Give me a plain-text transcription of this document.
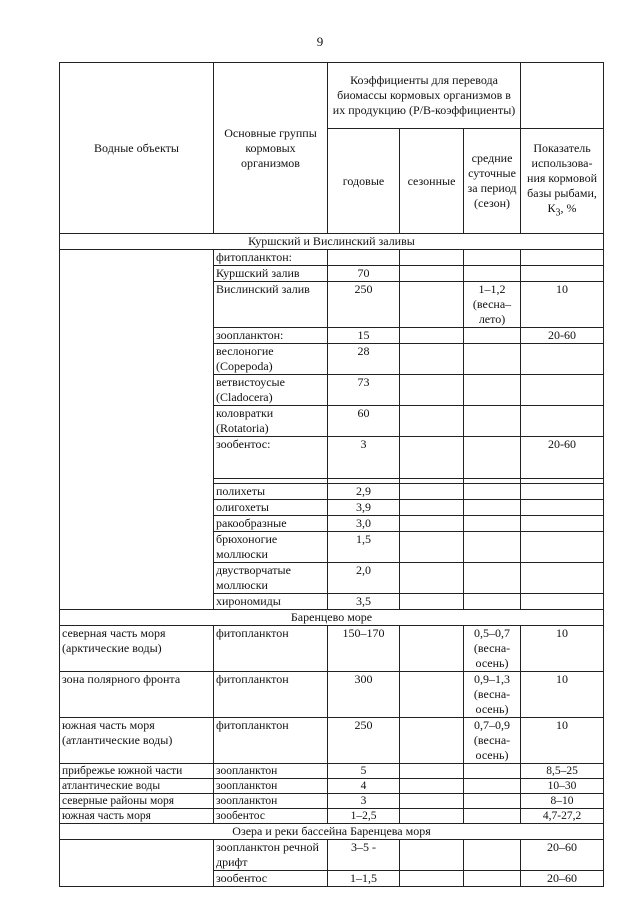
9
Водные объекты	Основные группы кормовых организмов	Коэффициенты для перевода биомассы кормовых организмов в их продукцию (Р/В-коэффициенты)			
		годовые	сезонные	средние суточные за период (сезон)	Показатель использова-ния кормовой базы рыбами, $К_3$, %
Куршский и Вислинский заливы					
	фитопланктон:				
	Куршский залив	70			
	Вислинский залив	250		1–1,2 (весна–лето)	10
	зоопланктон:	15			20-60
	веслоногие (Copepoda)	28			
	ветвистоусые (Cladocera)	73			
	коловратки (Rotatoria)	60			
	зообентос:	3			20-60

	полихеты	2,9			
	олигохеты	3,9			
	ракообразные	3,0			
	брюхоногие моллюски	1,5			
	двустворчатые моллюски	2,0			
	хирономиды	3,5			
Баренцево море					
северная часть моря (арктические воды)	фитопланктон	150–170		0,5–0,7 (весна-осень)	10
зона полярного фронта	фитопланктон	300		0,9–1,3 (весна-осень)	10
южная часть моря (атлантические воды)	фитопланктон	250		0,7–0,9 (весна-осень)	10
прибрежье южной части	зоопланктон	5			8,5–25
атлантические воды	зоопланктон	4			10–30
северные районы моря	зоопланктон	3			8–10
южная часть моря	зообентос	1–2,5			4,7-27,2
Озера и реки бассейна Баренцева моря					
	зоопланктон речной дрифт	3–5 -			20–60
	зообентос	1–1,5			20–60
